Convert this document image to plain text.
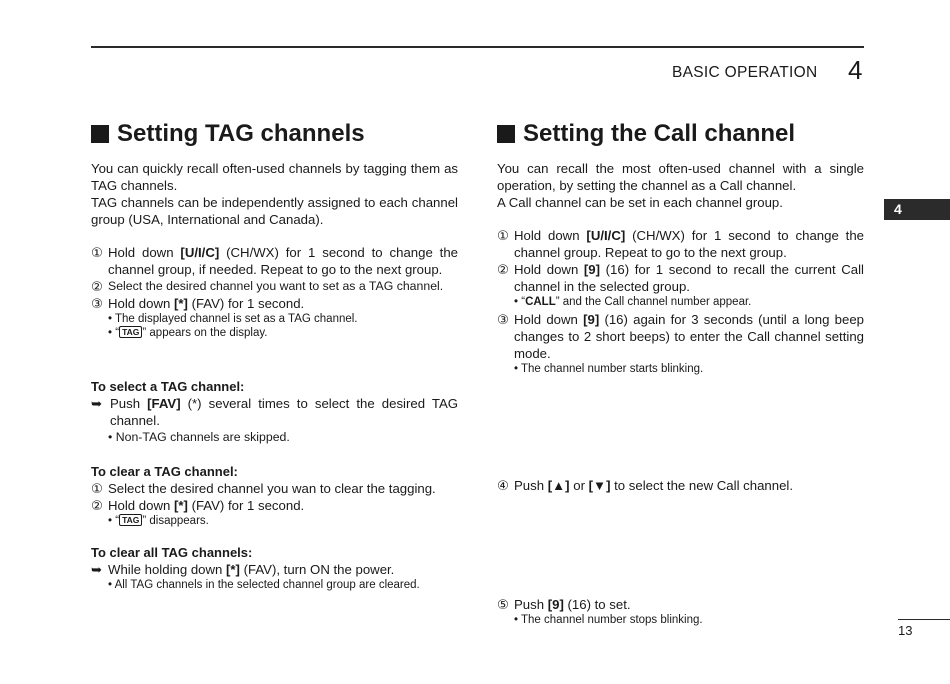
BASIC OPERATION 4
4
13
Setting TAG channels

You can quickly recall often-used channels by tagging them as TAG channels.

TAG channels can be independently assigned to each channel group (USA, International and Canada).

① Hold down [U/I/C] (CH/WX) for 1 second to change the channel group, if needed. Repeat to go to the next group.
② Select the desired channel you want to set as a TAG channel.
③ Hold down [*] (FAV) for 1 second.
• The displayed channel is set as a TAG channel.
• “ TAG ” appears on the display.
To select a TAG channel:
➥ Push [FAV] (*) several times to select the desired TAG channel.
• Non-TAG channels are skipped.
To clear a TAG channel:
① Select the desired channel you wan to clear the tagging.
② Hold down [*] (FAV) for 1 second.
• “ TAG ” disappears.
To clear all TAG channels:
➥ While holding down [*] (FAV), turn ON the power.
• All TAG channels in the selected channel group are cleared.
Setting the Call channel

You can recall the most often-used channel with a single operation, by setting the channel as a Call channel.

A Call channel can be set in each channel group.

① Hold down [U/I/C] (CH/WX) for 1 second to change the channel group. Repeat to go to the next group.
② Hold down [9] (16) for 1 second to recall the current Call channel in the selected group.
• “CALL” and the Call channel number appear.
③ Hold down [9] (16) again for 3 seconds (until a long beep changes to 2 short beeps) to enter the Call channel setting mode.
• The channel number starts blinking.
④ Push [▲] or [▼] to select the new Call channel.
⑤ Push [9] (16) to set.
• The channel number stops blinking.
